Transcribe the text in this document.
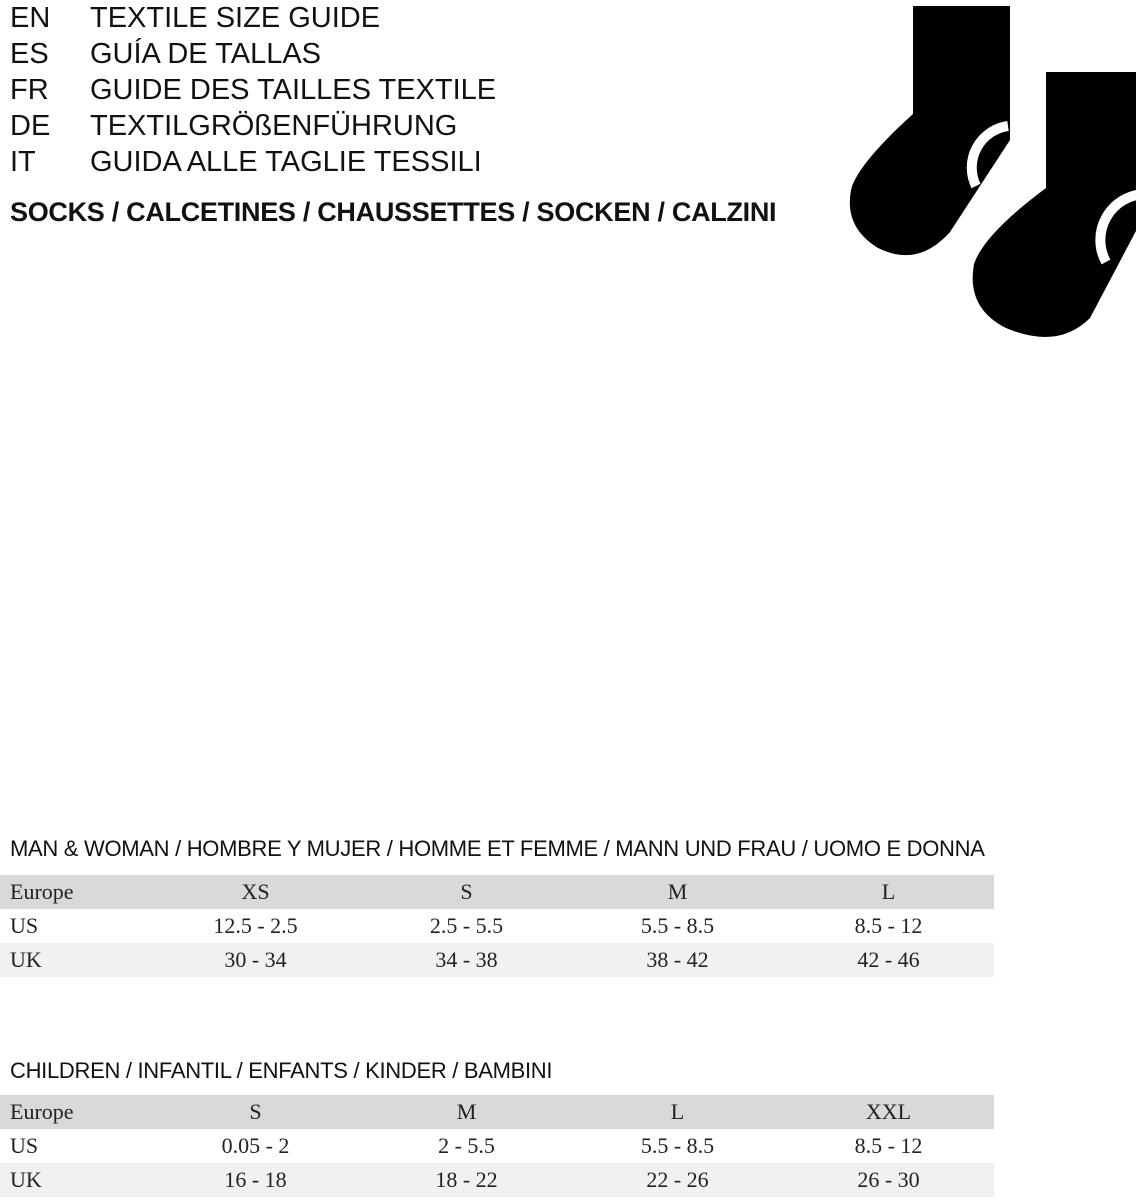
EN TEXTILE SIZE GUIDE
ES GUÍA DE TALLAS
FR GUIDE DES TAILLES TEXTILE
DE TEXTILGRÖßENFÜHRUNG
IT GUIDA ALLE TAGLIE TESSILI
SOCKS / CALCETINES / CHAUSSETTES / SOCKEN / CALZINI
MAN & WOMAN / HOMBRE Y MUJER / HOMME ET FEMME / MANN UND FRAU / UOMO E DONNA
Europe	XS	S	M	L
US	12.5 - 2.5	2.5 - 5.5	5.5 - 8.5	8.5 - 12
UK	30 - 34	34 - 38	38 - 42	42 - 46
CHILDREN / INFANTIL / ENFANTS / KINDER / BAMBINI
Europe	S	M	L	XXL
US	0.05 - 2	2 - 5.5	5.5 - 8.5	8.5 - 12
UK	16 - 18	18 - 22	22 - 26	26 - 30
